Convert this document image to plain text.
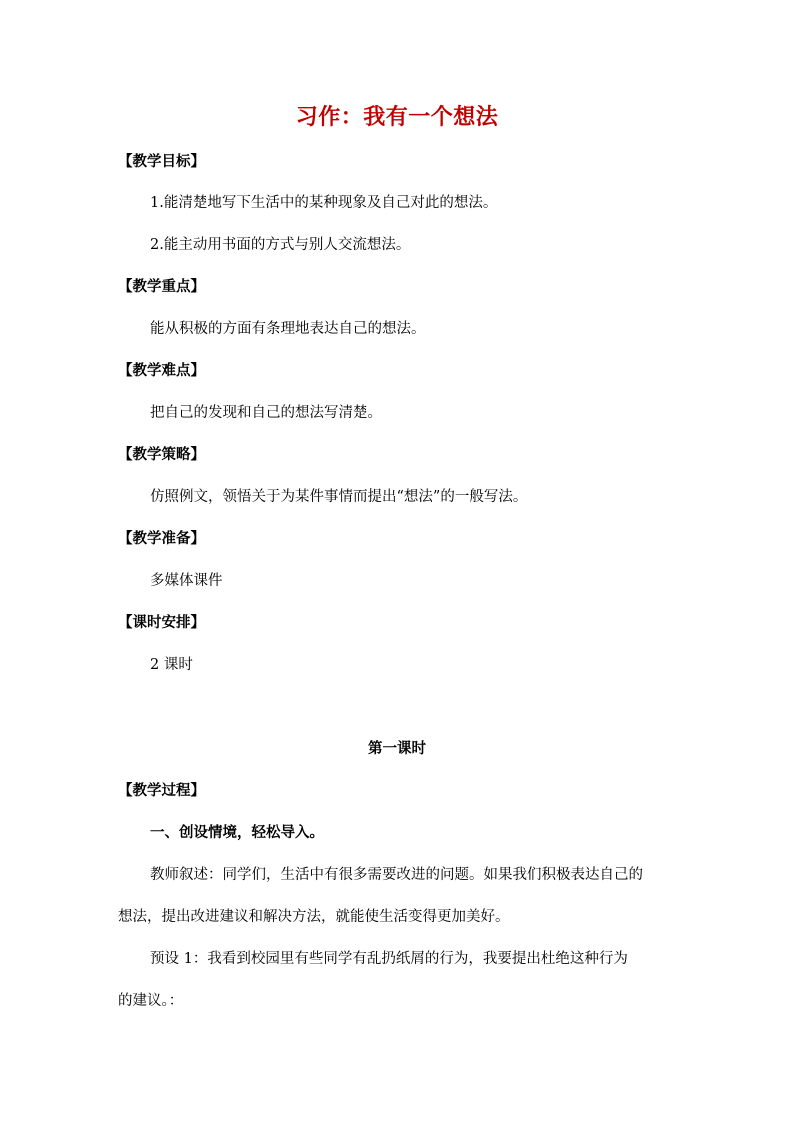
习作：我有一个想法
【教学目标】
1.能清楚地写下生活中的某种现象及自己对此的想法。
2.能主动用书面的方式与别人交流想法。
【教学重点】
能从积极的方面有条理地表达自己的想法。
【教学难点】
把自己的发现和自己的想法写清楚。
【教学策略】
仿照例文，领悟关于为某件事情而提出“想法”的一般写法。
【教学准备】
多媒体课件
【课时安排】
2 课时
第一课时
【教学过程】
一、创设情境，轻松导入。
教师叙述：同学们，生活中有很多需要改进的问题。如果我们积极表达自己的
想法，提出改进建议和解决方法，就能使生活变得更加美好。
预设 1：我看到校园里有些同学有乱扔纸屑的行为，我要提出杜绝这种行为
的建议。：
